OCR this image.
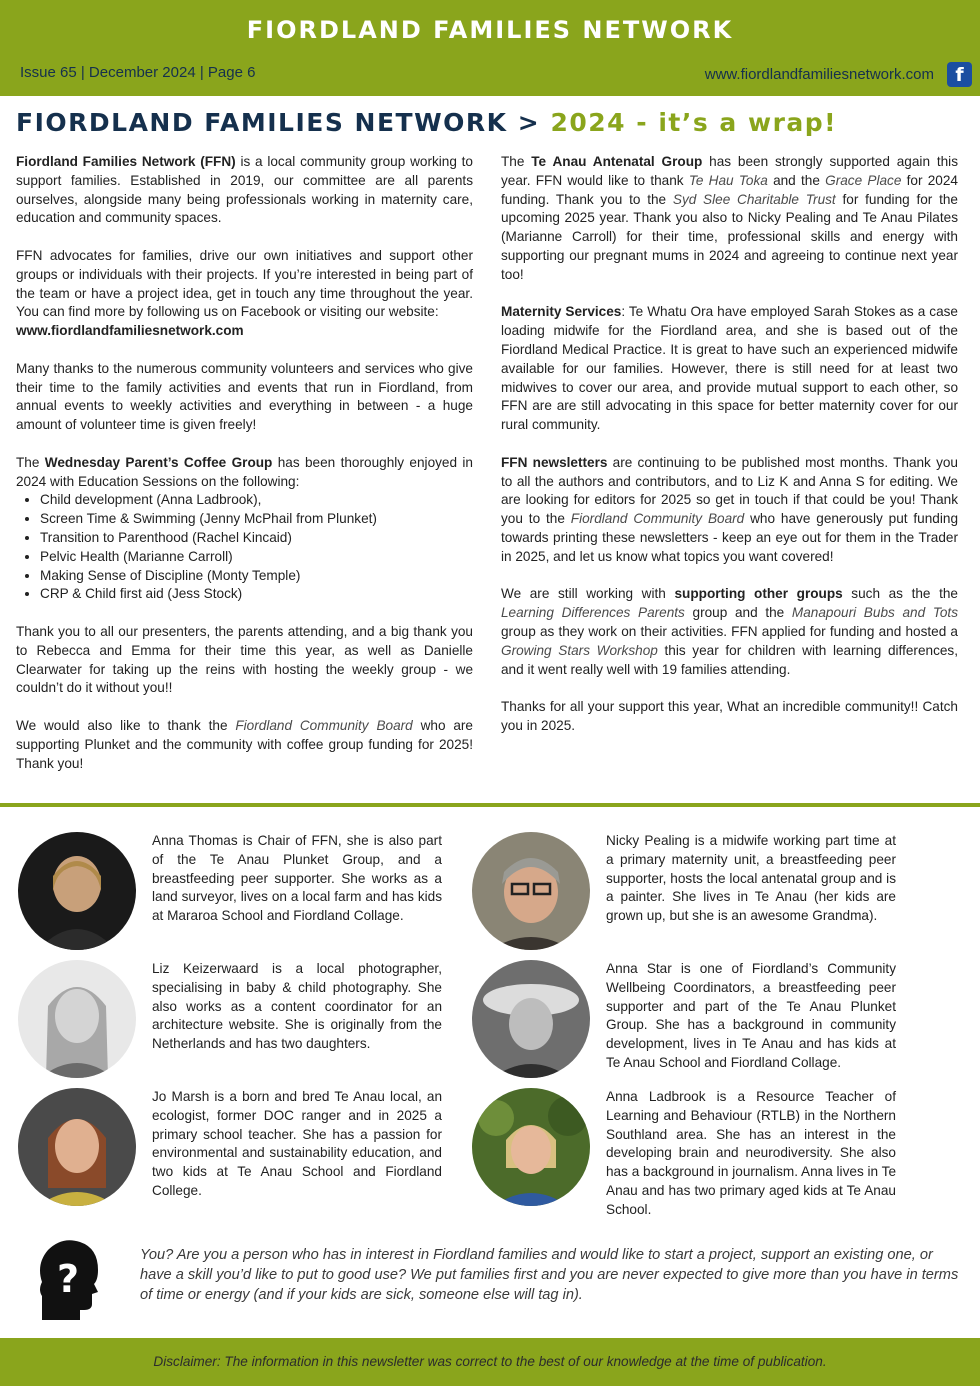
FIORDLAND FAMILIES NETWORK
Issue 65 | December 2024 | Page 6	www.fiordlandfamiliesnetwork.com	f
FIORDLAND FAMILIES NETWORK > 2024 - it’s a wrap!

Fiordland Families Network (FFN) is a local community group working to support families. Established in 2019, our committee are all parents ourselves, alongside many being professionals working in maternity care, education and community spaces.

FFN advocates for families, drive our own initiatives and support other groups or individuals with their projects. If you’re interested in being part of the team or have a project idea, get in touch any time throughout the year. You can find more by following us on Facebook or visiting our website:
www.fiordlandfamiliesnetwork.com

Many thanks to the numerous community volunteers and services who give their time to the family activities and events that run in Fiordland, from annual events to weekly activities and everything in between - a huge amount of volunteer time is given freely!

The Wednesday Parent’s Coffee Group has been thoroughly enjoyed in 2024 with Education Sessions on the following:

• Child development (Anna Ladbrook),
• Screen Time & Swimming (Jenny McPhail from Plunket)
• Transition to Parenthood (Rachel Kincaid)
• Pelvic Health (Marianne Carroll)
• Making Sense of Discipline (Monty Temple)
• CRP & Child first aid (Jess Stock)

Thank you to all our presenters, the parents attending, and a big thank you to Rebecca and Emma for their time this year, as well as Danielle Clearwater for taking up the reins with hosting the weekly group - we couldn’t do it without you!!

We would also like to thank the Fiordland Community Board who are supporting Plunket and the community with coffee group funding for 2025! Thank you!

The Te Anau Antenatal Group has been strongly supported again this year. FFN would like to thank Te Hau Toka and the Grace Place for 2024 funding. Thank you to the Syd Slee Charitable Trust for funding for the upcoming 2025 year. Thank you also to Nicky Pealing and Te Anau Pilates (Marianne Carroll) for their time, professional skills and energy with supporting our pregnant mums in 2024 and agreeing to continue next year too!

Maternity Services: Te Whatu Ora have employed Sarah Stokes as a case loading midwife for the Fiordland area, and she is based out of the Fiordland Medical Practice. It is great to have such an experienced midwife available for our families. However, there is still need for at least two midwives to cover our area, and provide mutual support to each other, so FFN are are still advocating in this space for better maternity cover for our rural community.

FFN newsletters are continuing to be published most months. Thank you to all the authors and contributors, and to Liz K and Anna S for editing. We are looking for editors for 2025 so get in touch if that could be you! Thank you to the Fiordland Community Board who have generously put funding towards printing these newsletters - keep an eye out for them in the Trader in 2025, and let us know what topics you want covered!

We are still working with supporting other groups such as the the Learning Differences Parents group and the Manapouri Bubs and Tots group as they work on their activities. FFN applied for funding and hosted a Growing Stars Workshop this year for children with learning differences, and it went really well with 19 families attending.

Thanks for all your support this year, What an incredible community!! Catch you in 2025.

Anna Thomas is Chair of FFN, she is also part of the Te Anau Plunket Group, and a breastfeeding peer supporter. She works as a land surveyor, lives on a local farm and has kids at Mararoa School and Fiordland Collage.
Nicky Pealing is a midwife working part time at a primary maternity unit, a breastfeeding peer supporter, hosts the local antenatal group and is a painter. She lives in Te Anau (her kids are grown up, but she is an awesome Grandma).
Liz Keizerwaard is a local photographer, specialising in baby & child photography. She also works as a content coordinator for an architecture website. She is originally from the Netherlands and has two daughters.
Anna Star is one of Fiordland’s Community Wellbeing Coordinators, a breastfeeding peer supporter and part of the Te Anau Plunket Group. She has a background in community development, lives in Te Anau and has kids at Te Anau School and Fiordland Collage.
Jo Marsh is a born and bred Te Anau local, an ecologist, former DOC ranger and in 2025 a primary school teacher. She has a passion for environmental and sustainability education, and two kids at Te Anau School and Fiordland College.
Anna Ladbrook is a Resource Teacher of Learning and Behaviour (RTLB) in the Northern Southland area. She has an interest in the developing brain and neurodiversity. She also has a background in journalism. Anna lives in Te Anau and has two primary aged kids at Te Anau School.
?
You? Are you a person who has in interest in Fiordland families and would like to start a project, support an existing one, or have a skill you’d like to put to good use? We put families first and you are never expected to give more than you have in terms of time or energy (and if your kids are sick, someone else will tag in).
Disclaimer: The information in this newsletter was correct to the best of our knowledge at the time of publication.
